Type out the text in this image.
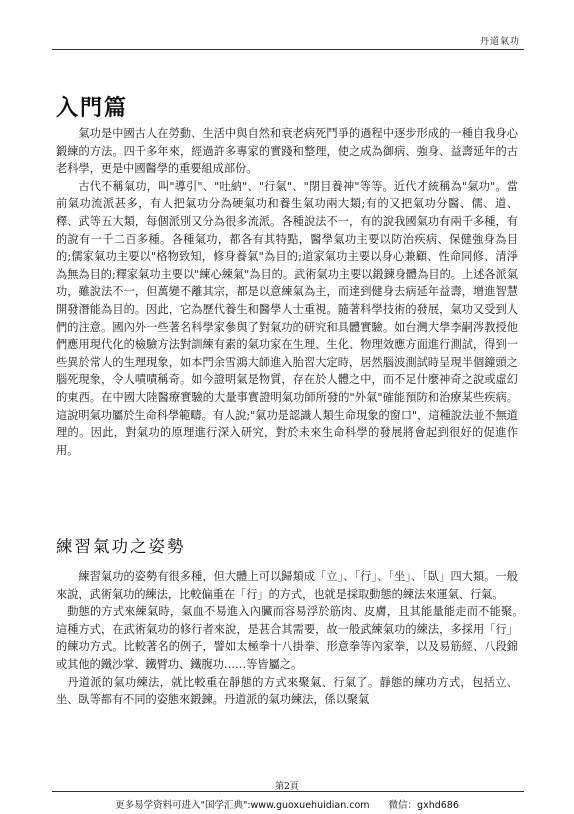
丹道氣功
入門篇

氣功是中國古人在勞動、生活中與自然和衰老病死鬥爭的過程中逐步形成的一種自我身心鍛練的方法。四千多年來，經過許多專家的實踐和整理，使之成為御病、強身、益壽延年的古老科學，更是中國醫學的重要組成部份。

古代不稱氣功，叫"導引"、"吐納"、"行氣"、"閉目養神"等等。近代才統稱為"氣功"。當前氣功流派甚多，有人把氣功分為硬氣功和養生氣功兩大類;有的又把氣功分醫、儒、道、釋、武等五大類，每個派別又分為很多流派。各種說法不一，有的說我國氣功有兩千多種，有的說有一千二百多種。各種氣功，都各有其特點，醫學氣功主要以防治疾病、保健強身為目的;儒家氣功主要以"格物致知，修身養氣"為目的;道家氣功主要以身心兼顧、性命同修、清淨為無為目的;釋家氣功主要以"練心練氣"為目的。武術氣功主要以鍛鍊身體為目的。上述各派氣功，雖說法不一，但萬變不離其宗，都是以意練氣為主，而達到健身去病延年益壽，增進智慧開發潛能為目的。因此，它為歷代養生和醫學人士重視。隨著科學技術的發展，氣功又受到人們的注意。國內外一些著名科學家參與了對氣功的研究和具體實驗。如台灣大學李嗣涔教授他們應用現代化的檢驗方法對訓練有素的氣功家在生理、生化、物理效應方面進行測試，得到一些異於常人的生理現象，如本門余雪鴻大師進入胎習大定時，居然腦波測試時呈現半個鐘頭之腦死現象，令人嘖嘖稱奇。如今證明氣是物質，存在於人體之中，而不足什麼神奇之說或虛幻的東西。在中國大陸醫療實驗的大量事實證明氣功師所發的"外氣"確能預防和治療某些疾病。這說明氣功屬於生命科學範疇。有人說;"氣功是認識人類生命現象的窗口"，這種說法並不無道理的。因此，對氣功的原理進行深入研究，對於未來生命科學的發展將會起到很好的促進作用。

練習氣功之姿勢

練習氣功的姿勢有很多種，但大體上可以歸類成「立」、「行」、「坐」、「臥」四大類。一般來說，武術氣功的練法，比較偏重在「行」的方式，也就是採取動態的練法來運氣、行氣。

動態的方式來練氣時，氣血不易進入內臟而容易浮於筋肉、皮膚，且其能量能走而不能聚。　這種方式，在武術氣功的修行者來說，是甚合其需要，故一般武練氣功的練法，多採用「行」的練功方式。比較著名的例子，譬如太極拳十八掛拳、形意拳等內家拳，以及易筋經、八段錦或其他的鐵沙掌、鐵臂功、鐵腹功……等皆屬之。

丹道派的氣功練法，就比較重在靜態的方式來聚氣、行氣了。靜態的練功方式，包括立、坐、臥等都有不同的姿態來鍛鍊。丹道派的氣功練法，係以聚氣

第2頁
更多易学资料可进入"国学汇典":www.guoxuehuidian.com　　微信：gxhd686
